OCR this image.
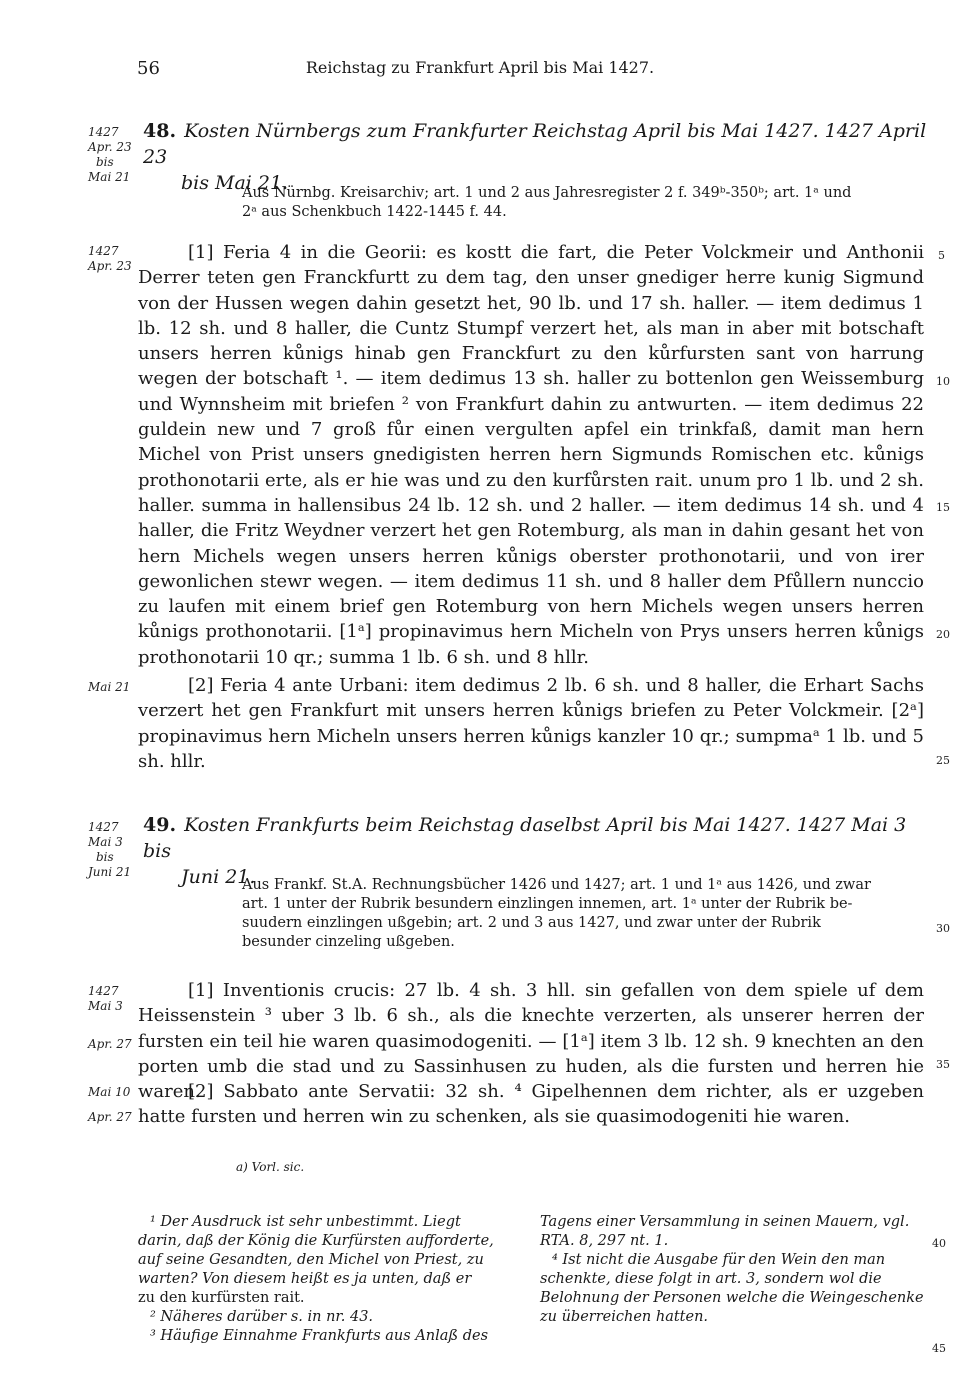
56	Reichstag zu Frankfurt April bis Mai 1427.
1427
Apr. 23
bis
Mai 21
48. Kosten Nürnbergs zum Frankfurter Reichstag April bis Mai 1427. 1427 April 23
bis Mai 21.
Aus Nürnbg. Kreisarchiv; art. 1 und 2 aus Jahresregister 2 f. 349ᵇ-350ᵇ; art. 1ᵃ und
2ᵃ aus Schenkbuch 1422-1445 f. 44.
1427
Apr. 23
Mai 21
[1] Feria 4 in die Georii: es kostt die fart, die Peter Volckmeir und Anthonii Derrer teten gen Franckfurtt zu dem tag, den unser gnediger herre kunig Sigmund von der Hussen wegen dahin gesetzt het, 90 lb. und 17 sh. haller. — item dedimus 1 lb. 12 sh. und 8 haller, die Cuntz Stumpf verzert het, als man in aber mit botschaft unsers herren kůnigs hinab gen Franckfurt zu den kůrfursten sant von harrung wegen der botschaft ¹. — item dedimus 13 sh. haller zu bottenlon gen Weissemburg und Wynnsheim mit briefen ² von Frankfurt dahin zu antwurten. — item dedimus 22 guldein new und 7 groß fůr einen vergulten apfel ein trinkfaß, damit man hern Michel von Prist unsers gnedigisten herren hern Sigmunds Romischen etc. kůnigs prothonotarii erte, als er hie was und zu den kurfůrsten rait. unum pro 1 lb. und 2 sh. haller. summa in hallensibus 24 lb. 12 sh. und 2 haller. — item dedimus 14 sh. und 4 haller, die Fritz Weydner verzert het gen Rotemburg, als man in dahin gesant het von hern Michels wegen unsers herren kůnigs oberster prothonotarii, und von irer gewonlichen stewr wegen. — item dedimus 11 sh. und 8 haller dem Pfůllern nunccio zu laufen mit einem brief gen Rotemburg von hern Michels wegen unsers herren kůnigs prothonotarii. [1ᵃ] propinavimus hern Micheln von Prys unsers herren kůnigs prothonotarii 10 qr.; summa 1 lb. 6 sh. und 8 hllr.
[2] Feria 4 ante Urbani: item dedimus 2 lb. 6 sh. und 8 haller, die Erhart Sachs verzert het gen Frankfurt mit unsers herren kůnigs briefen zu Peter Volckmeir. [2ᵃ] propinavimus hern Micheln unsers herren kůnigs kanzler 10 qr.; sumpmaᵃ 1 lb. und 5 sh. hllr.
1427
Mai 3
bis
Juni 21
49. Kosten Frankfurts beim Reichstag daselbst April bis Mai 1427. 1427 Mai 3 bis
Juni 21.
Aus Frankf. St.A. Rechnungsbücher 1426 und 1427; art. 1 und 1ᵃ aus 1426, und zwar
art. 1 unter der Rubrik besundern einzlingen innemen, art. 1ᵃ unter der Rubrik be-
suudern einzlingen ußgebin; art. 2 und 3 aus 1427, und zwar unter der Rubrik
besunder cinzeling ußgeben.
1427
Mai 3
Apr. 27
Mai 10
Apr. 27
[1] Inventionis crucis: 27 lb. 4 sh. 3 hll. sin gefallen von dem spiele uf dem Heissenstein ³ uber 3 lb. 6 sh., als die knechte verzerten, als unserer herren der fursten ein teil hie waren quasimodogeniti. — [1ᵃ] item 3 lb. 12 sh. 9 knechten an den porten umb die stad und zu Sassinhusen zu huden, als die fursten und herren hie waren.
[2] Sabbato ante Servatii: 32 sh. ⁴ Gipelhennen dem richter, als er uzgeben hatte fursten und herren win zu schenken, als sie quasimodogeniti hie waren.
a) Vorl. sic.
¹ Der Ausdruck ist sehr unbestimmt. Liegt
darin, daß der König die Kurfürsten aufforderte,
auf seine Gesandten, den Michel von Priest, zu
warten? Von diesem heißt es ja unten, daß er
zu den kurfürsten rait.
² Näheres darüber s. in nr. 43.
³ Häufige Einnahme Frankfurts aus Anlaß des
Tagens einer Versammlung in seinen Mauern, vgl.
RTA. 8, 297 nt. 1.
⁴ Ist nicht die Ausgabe für den Wein den man
schenkte, diese folgt in art. 3, sondern wol die
Belohnung der Personen welche die Weingeschenke
zu überreichen hatten.
5
10
15
20
25
30
35
40
45
